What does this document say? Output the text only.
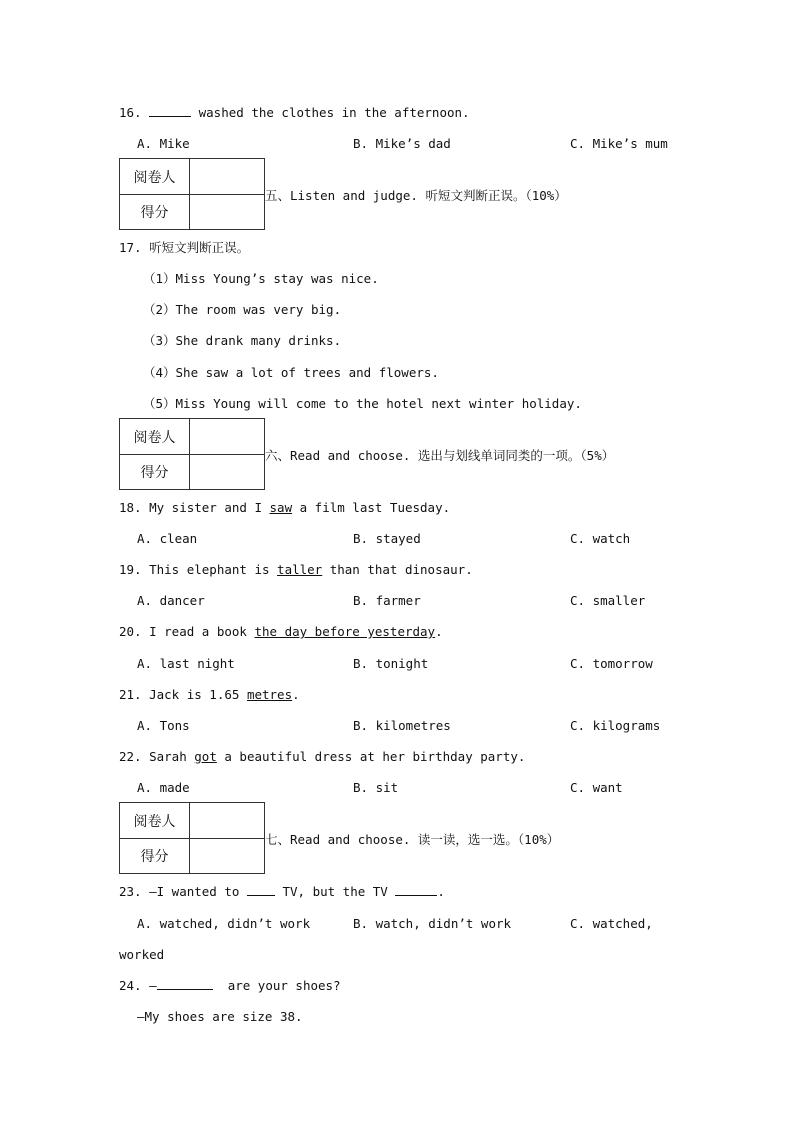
16.	washed the clothes in the afternoon.
A. Mike	B. Mike’s dad	C. Mike’s mum
阅卷人
得分
五、Listen and judge. 听短文判断正误。（10%）
17. 听短文判断正误。
（1）Miss Young’s stay was nice.
（2）The room was very big.
（3）She drank many drinks.
（4）She saw a lot of trees and flowers.
（5）Miss Young will come to the hotel next winter holiday.
阅卷人
得分
六、Read and choose. 选出与划线单词同类的一项。（5%）
18. My sister and I saw a film last Tuesday.
A. clean	B. stayed	C. watch
19. This elephant is taller than that dinosaur.
A. dancer	B. farmer	C. smaller
20. I read a book the day before yesterday.
A. last night	B. tonight	C. tomorrow
21. Jack is 1.65 metres.
A. Tons	B. kilometres	C. kilograms
22. Sarah got a beautiful dress at her birthday party.
A. made	B. sit	C. want
阅卷人
得分
七、Read and choose. 读一读，选一选。（10%）
23. —I wanted to  TV, but the TV	.
A. watched, didn’t work	B. watch, didn’t work	C. watched,
worked
24. —	are your shoes?
—My shoes are size 38.
